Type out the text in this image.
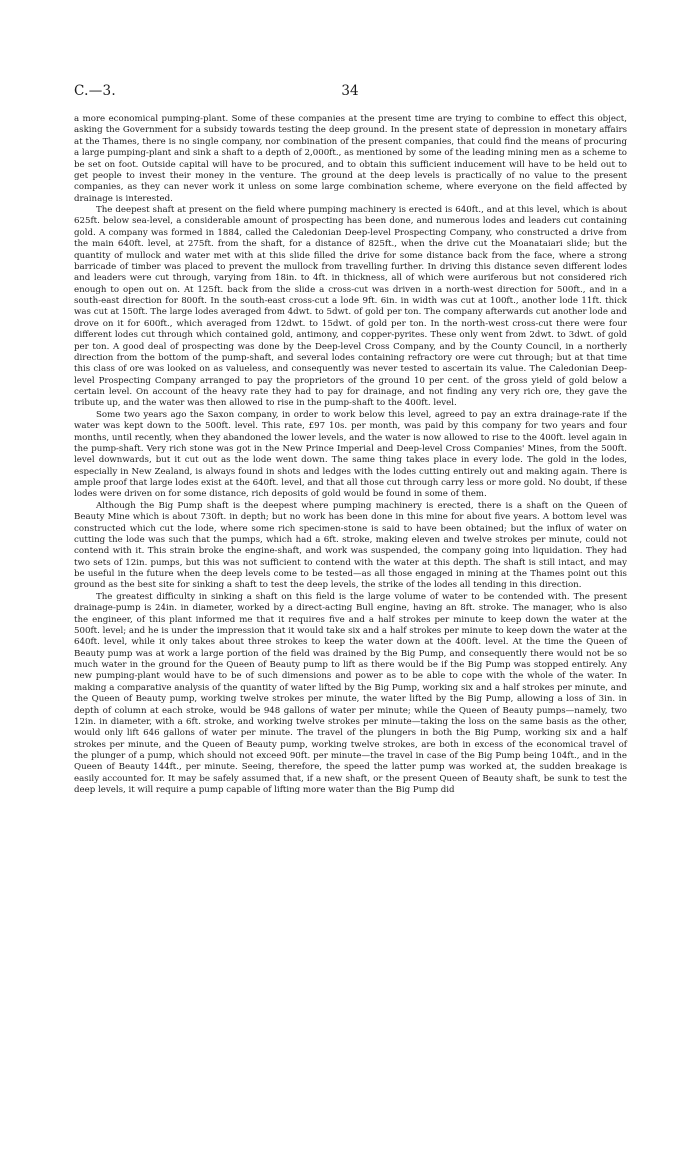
C.—3.	34

a more economical pumping-plant. Some of these companies at the present time are trying to combine to effect this object, asking the Government for a subsidy towards testing the deep ground. In the present state of depression in monetary affairs at the Thames, there is no single company, nor combination of the present companies, that could find the means of procuring a large pumping-plant and sink a shaft to a depth of 2,000ft., as mentioned by some of the leading mining men as a scheme to be set on foot. Outside capital will have to be procured, and to obtain this sufficient inducement will have to be held out to get people to invest their money in the venture. The ground at the deep levels is practically of no value to the present companies, as they can never work it unless on some large combination scheme, where everyone on the field affected by drainage is interested.

The deepest shaft at present on the field where pumping machinery is erected is 640ft., and at this level, which is about 625ft. below sea-level, a considerable amount of prospecting has been done, and numerous lodes and leaders cut containing gold. A company was formed in 1884, called the Caledonian Deep-level Prospecting Company, who constructed a drive from the main 640ft. level, at 275ft. from the shaft, for a distance of 825ft., when the drive cut the Moanataiari slide; but the quantity of mullock and water met with at this slide filled the drive for some distance back from the face, where a strong barricade of timber was placed to prevent the mullock from travelling further. In driving this distance seven different lodes and leaders were cut through, varying from 18in. to 4ft. in thickness, all of which were auriferous but not considered rich enough to open out on. At 125ft. back from the slide a cross-cut was driven in a north-west direction for 500ft., and in a south-east direction for 800ft. In the south-east cross-cut a lode 9ft. 6in. in width was cut at 100ft., another lode 11ft. thick was cut at 150ft. The large lodes averaged from 4dwt. to 5dwt. of gold per ton. The company afterwards cut another lode and drove on it for 600ft., which averaged from 12dwt. to 15dwt. of gold per ton. In the north-west cross-cut there were four different lodes cut through which contained gold, antimony, and copper-pyrites. These only went from 2dwt. to 3dwt. of gold per ton. A good deal of prospecting was done by the Deep-level Cross Company, and by the County Council, in a northerly direction from the bottom of the pump-shaft, and several lodes containing refractory ore were cut through; but at that time this class of ore was looked on as valueless, and consequently was never tested to ascertain its value. The Caledonian Deep-level Prospecting Company arranged to pay the proprietors of the ground 10 per cent. of the gross yield of gold below a certain level. On account of the heavy rate they had to pay for drainage, and not finding any very rich ore, they gave the tribute up, and the water was then allowed to rise in the pump-shaft to the 400ft. level.

Some two years ago the Saxon company, in order to work below this level, agreed to pay an extra drainage-rate if the water was kept down to the 500ft. level. This rate, £97 10s. per month, was paid by this company for two years and four months, until recently, when they abandoned the lower levels, and the water is now allowed to rise to the 400ft. level again in the pump-shaft. Very rich stone was got in the New Prince Imperial and Deep-level Cross Companies' Mines, from the 500ft. level downwards, but it cut out as the lode went down. The same thing takes place in every lode. The gold in the lodes, especially in New Zealand, is always found in shots and ledges with the lodes cutting entirely out and making again. There is ample proof that large lodes exist at the 640ft. level, and that all those cut through carry less or more gold. No doubt, if these lodes were driven on for some distance, rich deposits of gold would be found in some of them.

Although the Big Pump shaft is the deepest where pumping machinery is erected, there is a shaft on the Queen of Beauty Mine which is about 730ft. in depth; but no work has been done in this mine for about five years. A bottom level was constructed which cut the lode, where some rich specimen-stone is said to have been obtained; but the influx of water on cutting the lode was such that the pumps, which had a 6ft. stroke, making eleven and twelve strokes per minute, could not contend with it. This strain broke the engine-shaft, and work was suspended, the company going into liquidation. They had two sets of 12in. pumps, but this was not sufficient to contend with the water at this depth. The shaft is still intact, and may be useful in the future when the deep levels come to be tested—as all those engaged in mining at the Thames point out this ground as the best site for sinking a shaft to test the deep levels, the strike of the lodes all tending in this direction.

The greatest difficulty in sinking a shaft on this field is the large volume of water to be contended with. The present drainage-pump is 24in. in diameter, worked by a direct-acting Bull engine, having an 8ft. stroke. The manager, who is also the engineer, of this plant informed me that it requires five and a half strokes per minute to keep down the water at the 500ft. level; and he is under the impression that it would take six and a half strokes per minute to keep down the water at the 640ft. level, while it only takes about three strokes to keep the water down at the 400ft. level. At the time the Queen of Beauty pump was at work a large portion of the field was drained by the Big Pump, and consequently there would not be so much water in the ground for the Queen of Beauty pump to lift as there would be if the Big Pump was stopped entirely. Any new pumping-plant would have to be of such dimensions and power as to be able to cope with the whole of the water. In making a comparative analysis of the quantity of water lifted by the Big Pump, working six and a half strokes per minute, and the Queen of Beauty pump, working twelve strokes per minute, the water lifted by the Big Pump, allowing a loss of 3in. in depth of column at each stroke, would be 948 gallons of water per minute; while the Queen of Beauty pumps—namely, two 12in. in diameter, with a 6ft. stroke, and working twelve strokes per minute—taking the loss on the same basis as the other, would only lift 646 gallons of water per minute. The travel of the plungers in both the Big Pump, working six and a half strokes per minute, and the Queen of Beauty pump, working twelve strokes, are both in excess of the economical travel of the plunger of a pump, which should not exceed 90ft. per minute—the travel in case of the Big Pump being 104ft., and in the Queen of Beauty 144ft., per minute. Seeing, therefore, the speed the latter pump was worked at, the sudden breakage is easily accounted for. It may be safely assumed that, if a new shaft, or the present Queen of Beauty shaft, be sunk to test the deep levels, it will require a pump capable of lifting more water than the Big Pump did
